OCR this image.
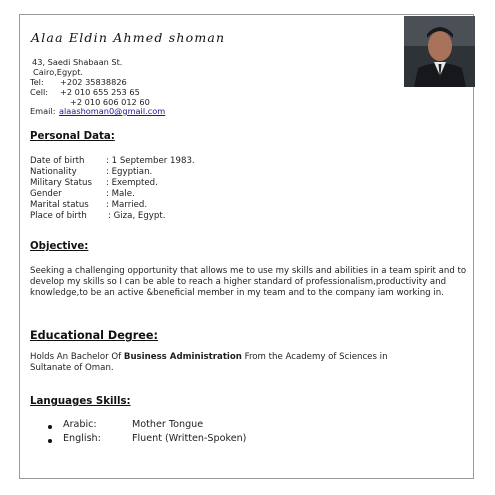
Alaa Eldin Ahmed shoman
43, Saedi Shabaan St.
Cairo,Egypt.
Tel: +202 35838826
Cell: +2 010 655 253 65
+2 010 606 012 60
Email: alaashoman0@gmail.com
Personal Data:
Date of birth	: 1 September 1983.
Nationality	: Egyptian.
Military Status : Exempted.
Gender	: Male.
Marital status : Married.
Place of birth : Giza, Egypt.
Objective:
Seeking a challenging opportunity that allows me to use my skills and abilities in a team spirit and to develop my skills so I can be able to reach a higher standard of professionalism,productivity and knowledge,to be an active &beneficial member in my team and to the company iam working in.
Educational Degree:
Holds An Bachelor Of Business Administration From the Academy of Sciences in
Sultanate of Oman.
Languages Skills:
Arabic:	Mother Tongue
English:	Fluent (Written-Spoken)
